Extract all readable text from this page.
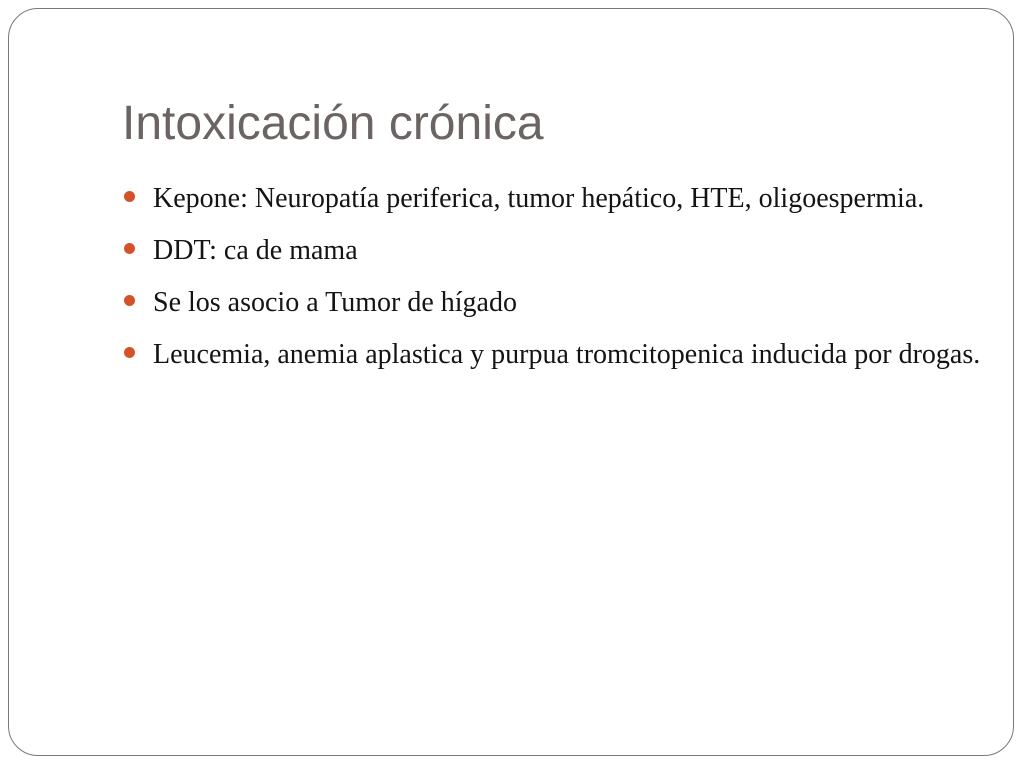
Intoxicación crónica
Kepone: Neuropatía periferica, tumor hepático, HTE, oligoespermia.
DDT: ca de mama
Se los asocio a Tumor de hígado
Leucemia, anemia aplastica y purpua tromcitopenica inducida por drogas.
